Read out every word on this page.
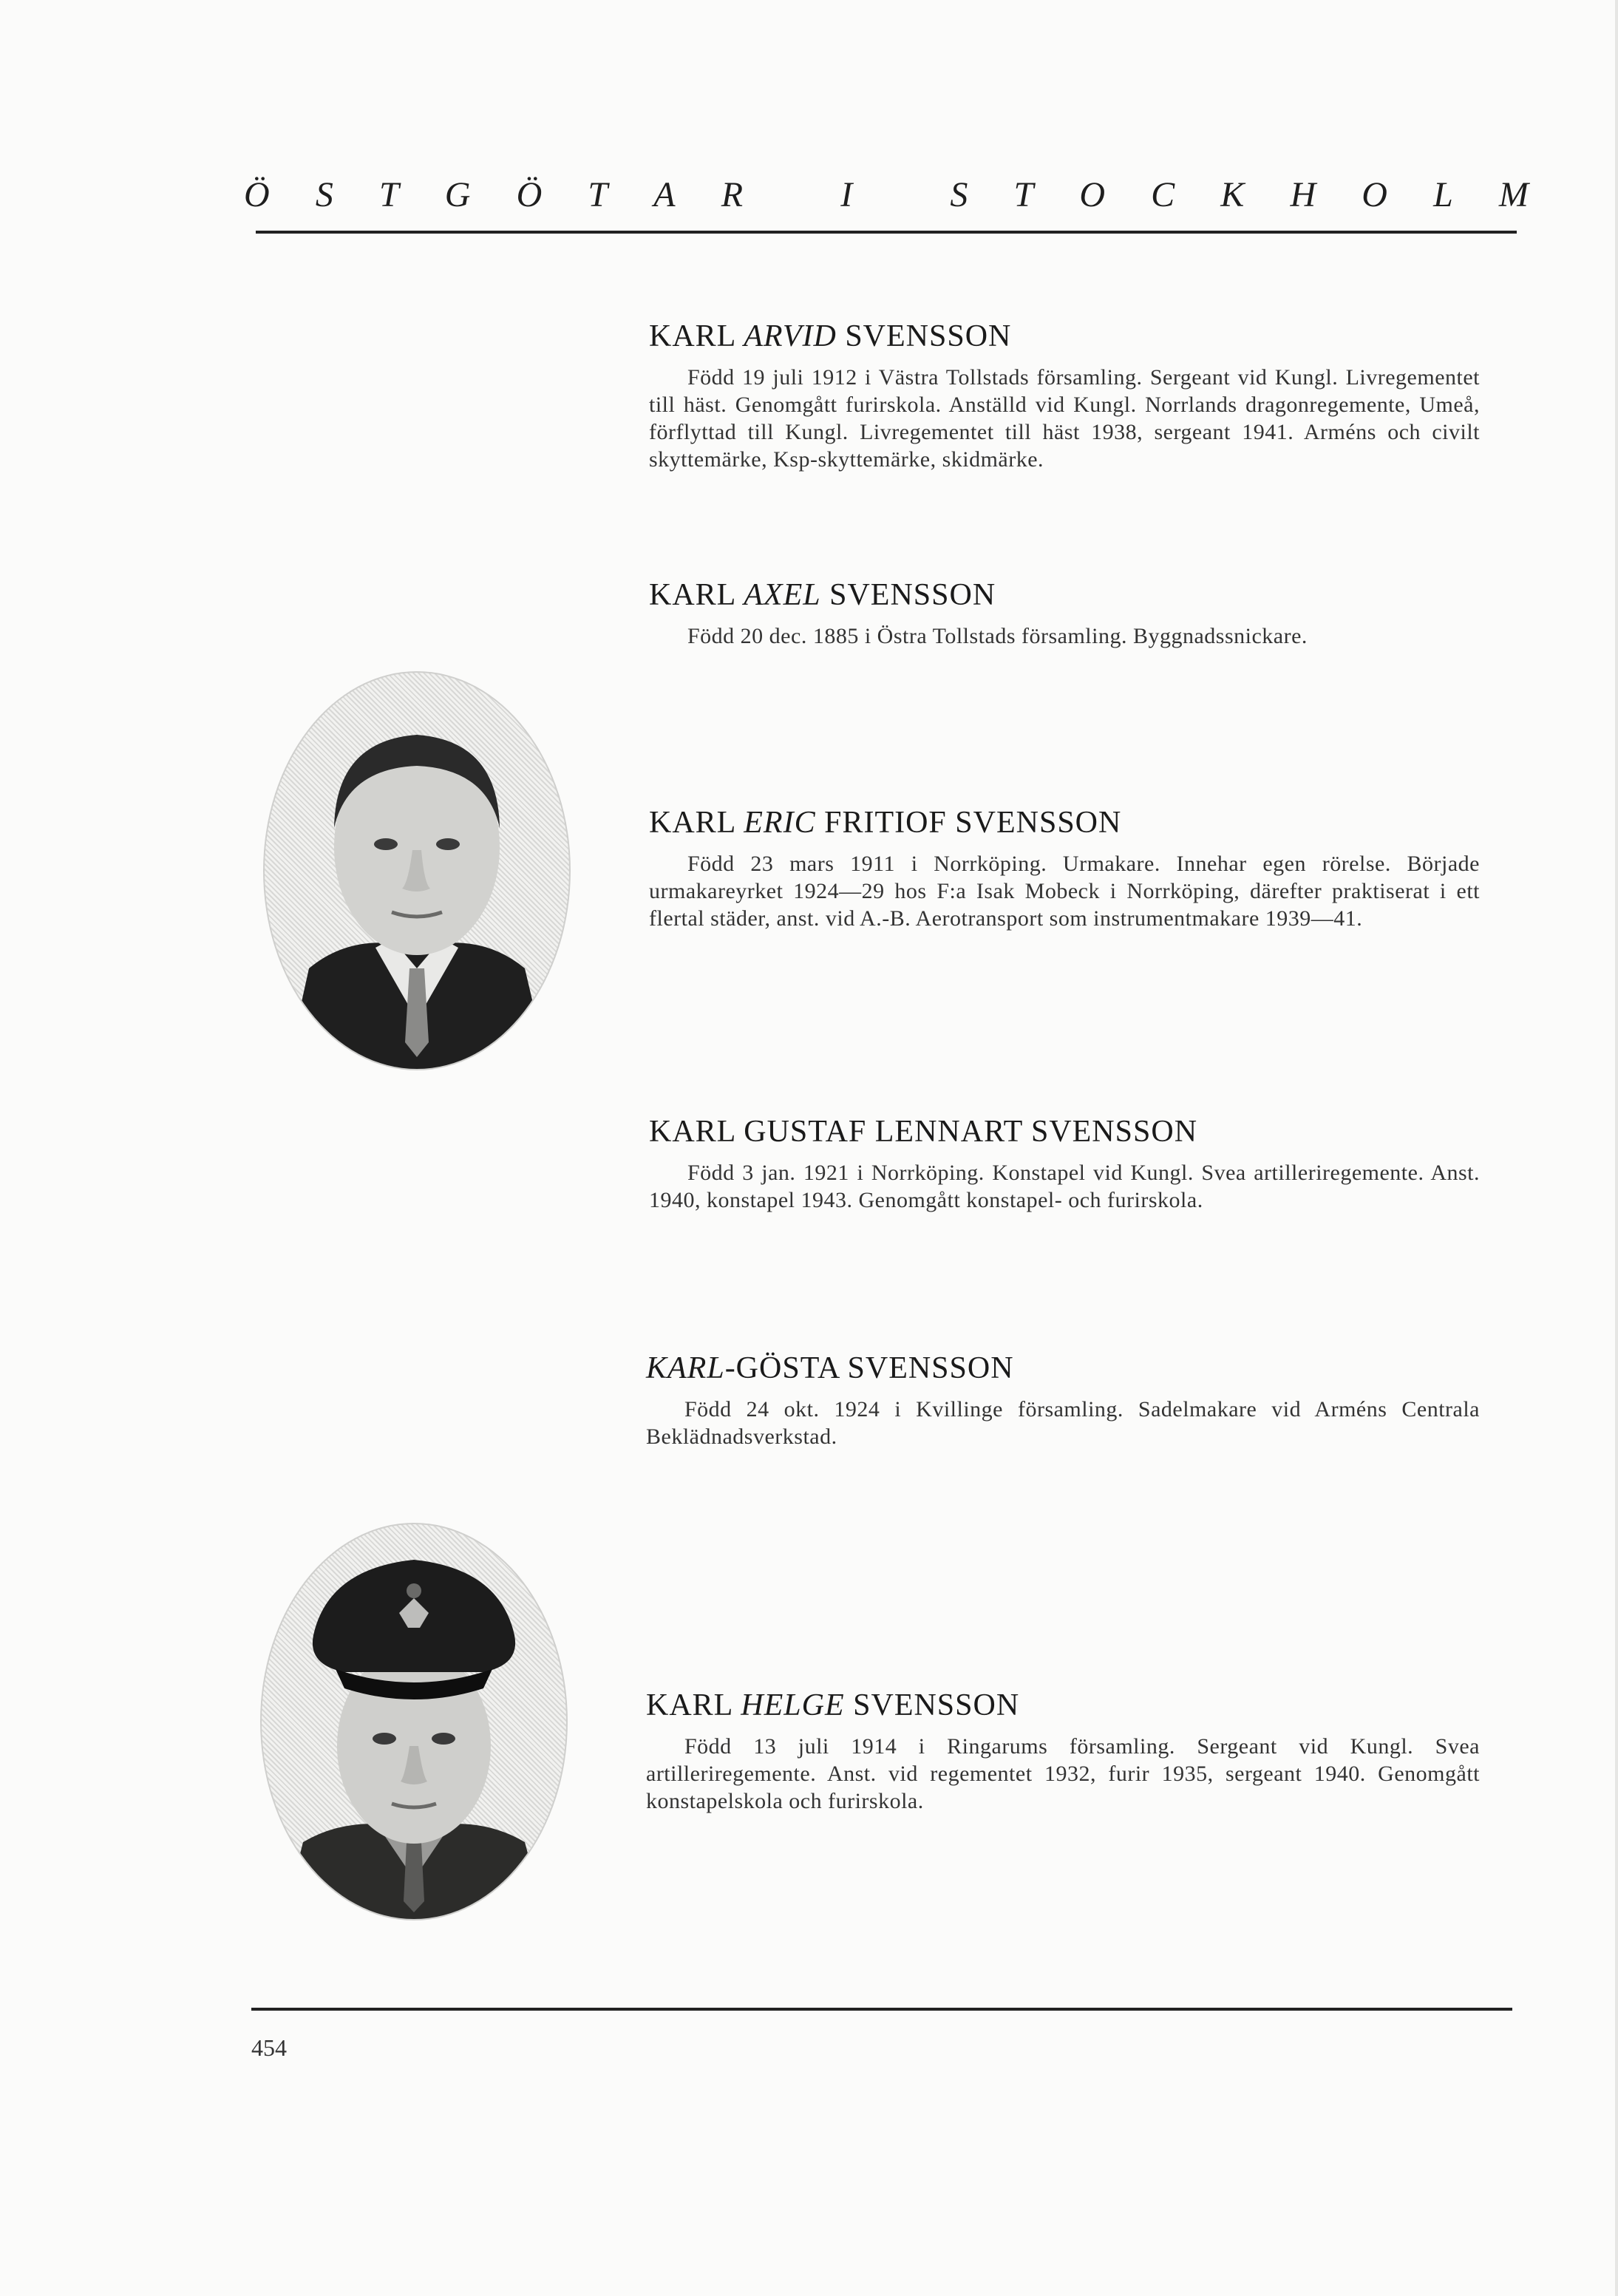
Ö S T G Ö T A R	I	S T O C K H O L M
KARL ARVID SVENSSON
Född 19 juli 1912 i Västra Tollstads församling. Sergeant vid Kungl. Livregementet till häst. Genomgått furirskola. Anställd vid Kungl. Norrlands dragonregemente, Umeå, förflyttad till Kungl. Livregementet till häst 1938, sergeant 1941. Arméns och civilt skyttemärke, Ksp-skyttemärke, skidmärke.
KARL AXEL SVENSSON
Född 20 dec. 1885 i Östra Tollstads församling. Byggnadssnickare.
KARL ERIC FRITIOF SVENSSON
Född 23 mars 1911 i Norrköping. Urmakare. Innehar egen rörelse. Började urmakareyrket 1924—29 hos F:a Isak Mobeck i Norrköping, därefter praktiserat i ett flertal städer, anst. vid A.-B. Aerotransport som instrumentmakare 1939—41.
KARL GUSTAF LENNART SVENSSON
Född 3 jan. 1921 i Norrköping. Konstapel vid Kungl. Svea artilleriregemente. Anst. 1940, konstapel 1943. Genomgått konstapel- och furirskola.
KARL-GÖSTA SVENSSON
Född 24 okt. 1924 i Kvillinge församling. Sadelmakare vid Arméns Centrala Beklädnadsverkstad.
KARL HELGE SVENSSON
Född 13 juli 1914 i Ringarums församling. Sergeant vid Kungl. Svea artilleriregemente. Anst. vid regementet 1932, furir 1935, sergeant 1940. Genomgått konstapelskola och furirskola.
454
